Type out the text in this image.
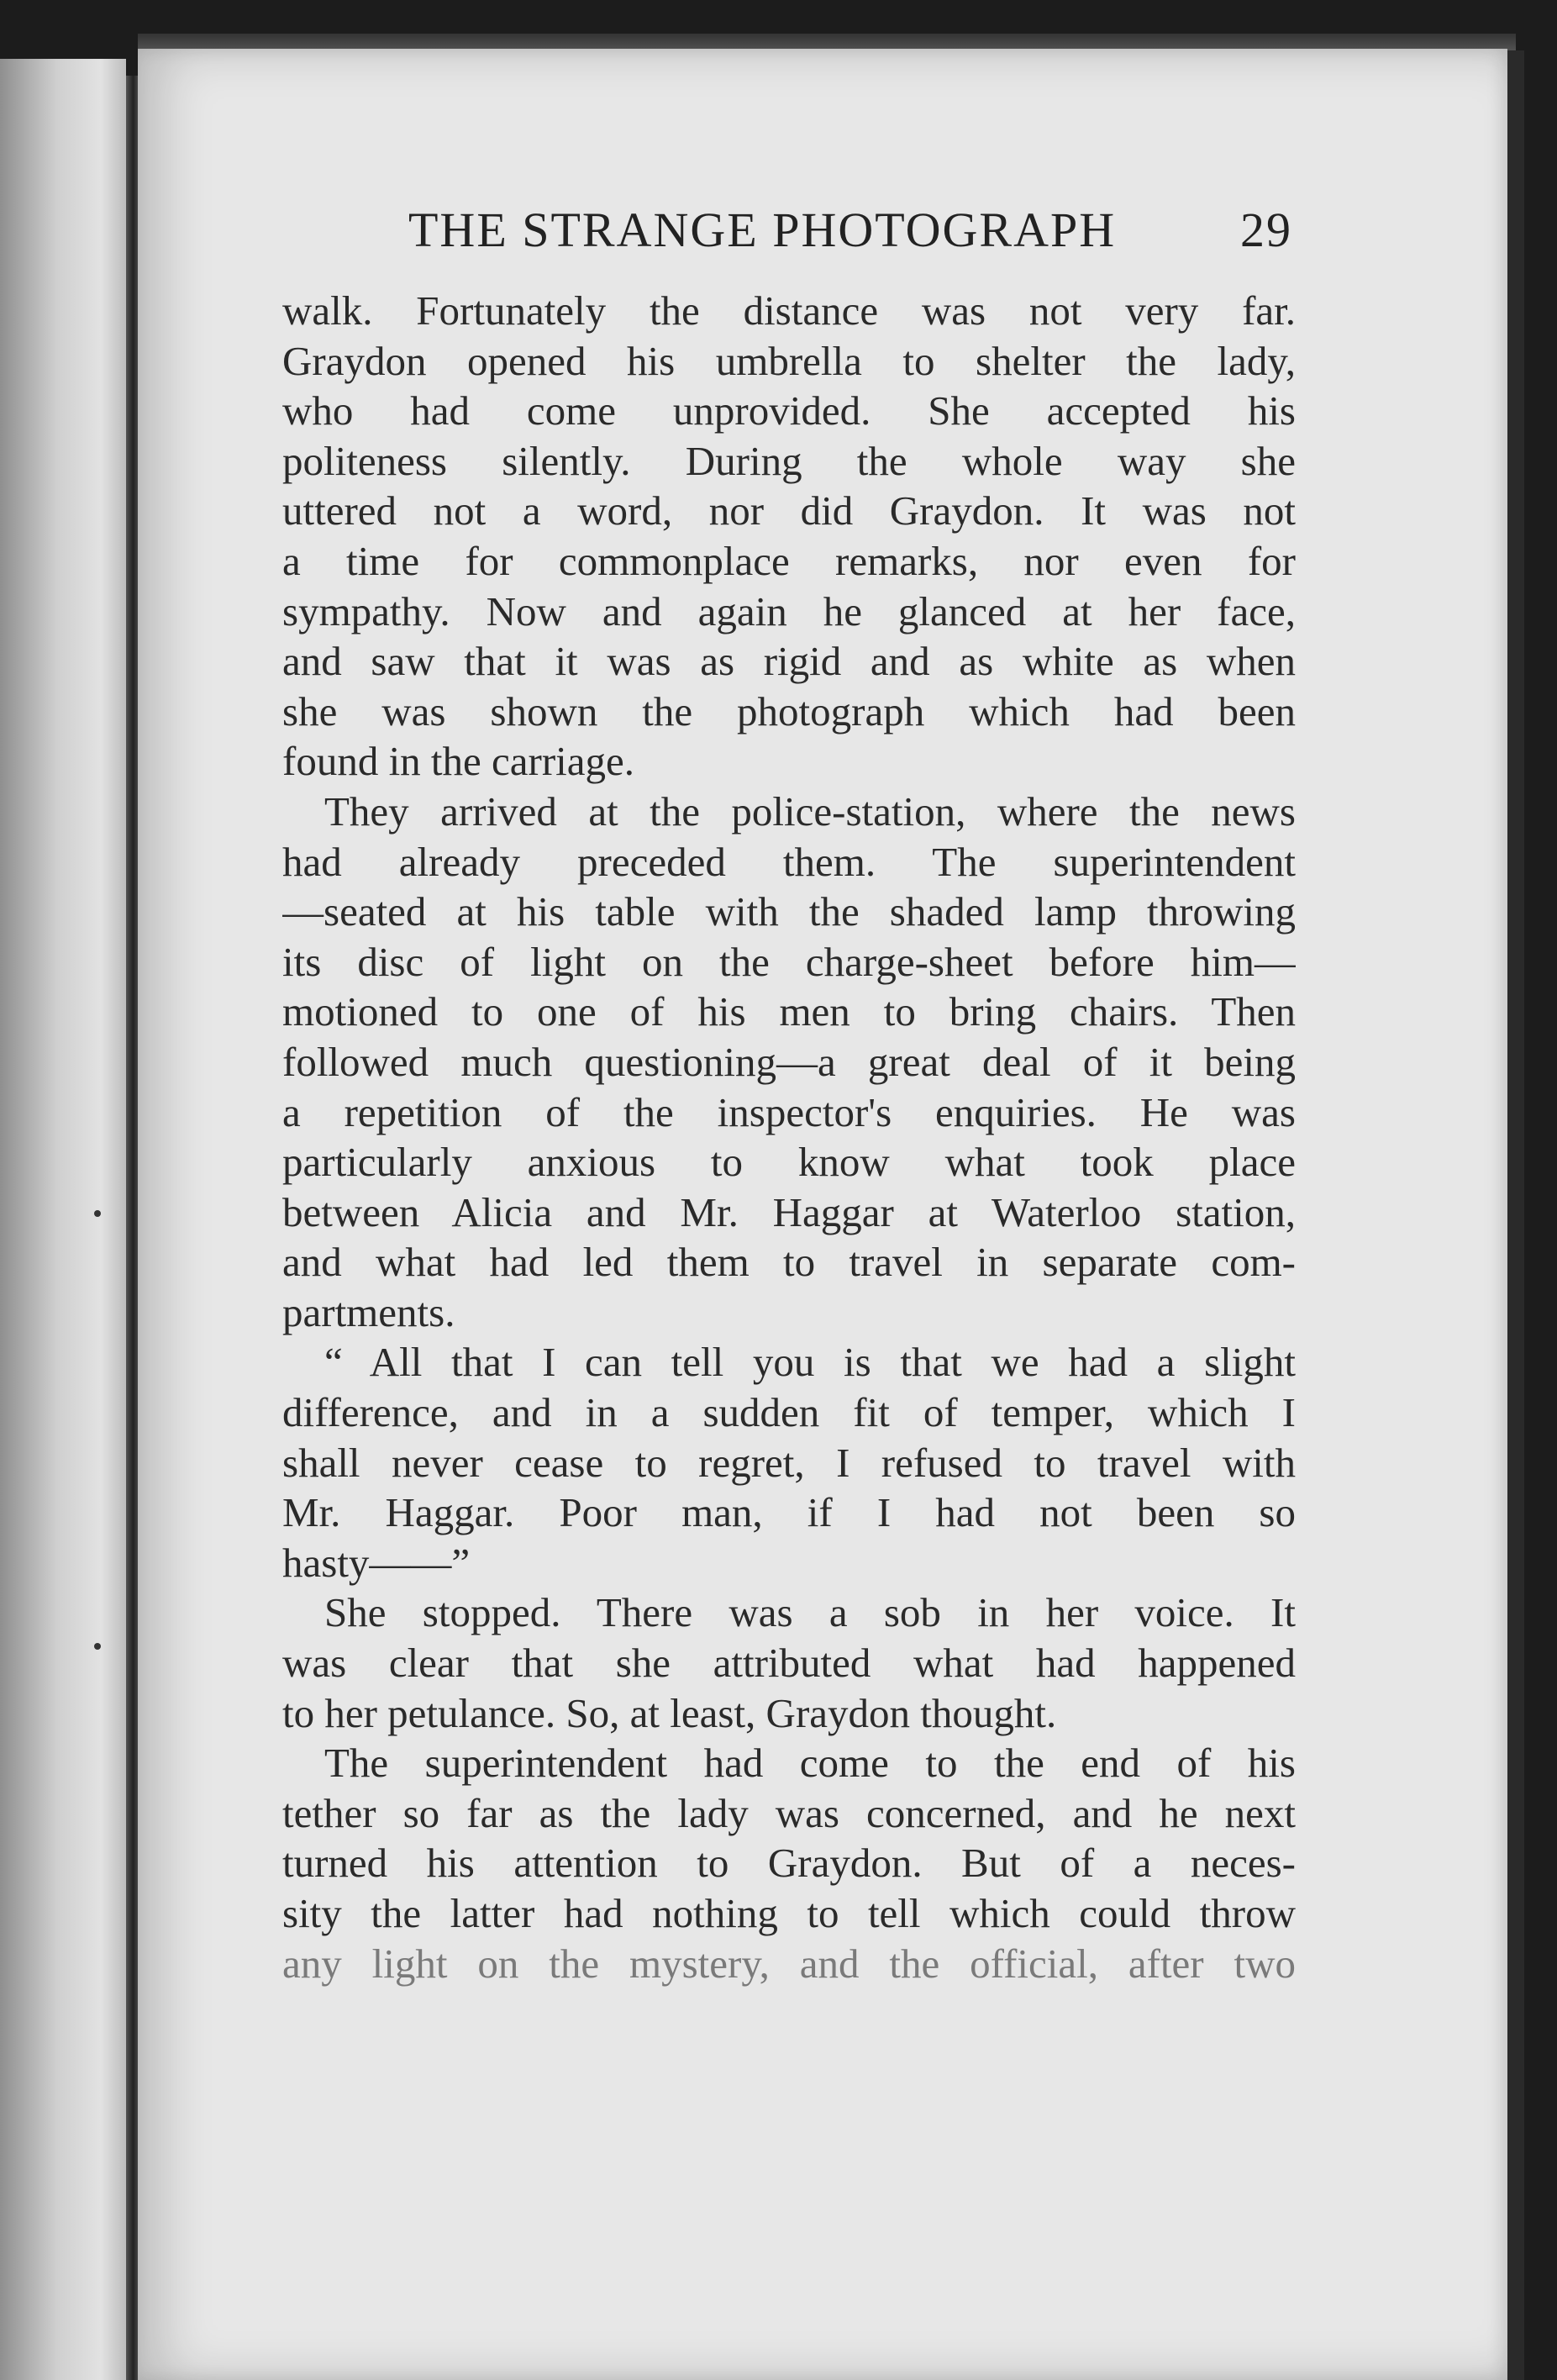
THE STRANGE PHOTOGRAPH	29
walk. Fortunately the distance was not very far.
Graydon opened his umbrella to shelter the lady,
who had come unprovided. She accepted his
politeness silently. During the whole way she
uttered not a word, nor did Graydon. It was not
a time for commonplace remarks, nor even for
sympathy. Now and again he glanced at her face,
and saw that it was as rigid and as white as when
she was shown the photograph which had been
found in the carriage.
They arrived at the police-station, where the news
had already preceded them. The superintendent
—seated at his table with the shaded lamp throwing
its disc of light on the charge-sheet before him—
motioned to one of his men to bring chairs. Then
followed much questioning—a great deal of it being
a repetition of the inspector's enquiries. He was
particularly anxious to know what took place
between Alicia and Mr. Haggar at Waterloo station,
and what had led them to travel in separate com-
partments.
“ All that I can tell you is that we had a slight
difference, and in a sudden fit of temper, which I
shall never cease to regret, I refused to travel with
Mr. Haggar. Poor man, if I had not been so
hasty——”
She stopped. There was a sob in her voice. It
was clear that she attributed what had happened
to her petulance. So, at least, Graydon thought.
The superintendent had come to the end of his
tether so far as the lady was concerned, and he next
turned his attention to Graydon. But of a neces-
sity the latter had nothing to tell which could throw
any light on the mystery, and the official, after two
